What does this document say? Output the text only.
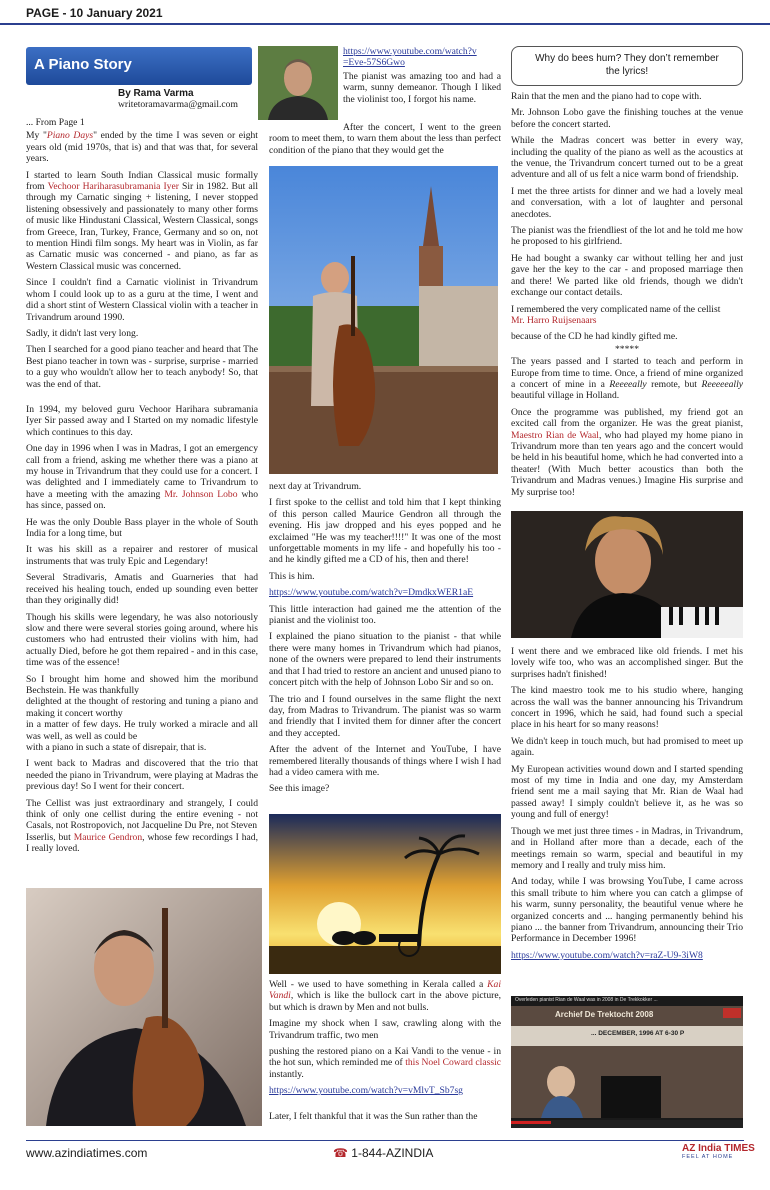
PAGE - 10 January 2021
A Piano Story
By Rama Varma
writetoramavarma@gmail.com
Why do bees hum? They don’t remember
the lyrics!

... From Page 1

My "Piano Days" ended by the time I was seven or eight years old (mid 1970s, that is) and that was that, for several years.

I started to learn South Indian Classical music formally from Vechoor Hariharasubramania Iyer Sir in 1982. But all through my Carnatic singing + listening, I never stopped listening obsessively and passionately to many other forms of music like Hindustani Classical, Western Classical, songs from Greece, Iran, Turkey, France, Germany and so on, not to mention Hindi film songs. My heart was in Violin, as far as Carnatic music was concerned - and piano, as far as Western Classical music was concerned.

Since I couldn't find a Carnatic violinist in Trivandrum whom I could look up to as a guru at the time, I went and did a short stint of Western Classical violin with a teacher in Trivandrum around 1990.

Sadly, it didn't last very long.

Then I searched for a good piano teacher and heard that The Best piano teacher in town was - surprise, surprise - married to a guy who wouldn't allow her to teach anybody! So, that was the end of that.

In 1994, my beloved guru Vechoor Harihara subramania Iyer Sir passed away and I Started on my nomadic lifestyle which continues to this day.

One day in 1996 when I was in Madras, I got an emergency call from a friend, asking me whether there was a piano at my house in Trivandrum that they could use for a concert. I was delighted and I immediately came to Trivandrum to have a meeting with the amazing Mr. Johnson Lobo who has since, passed on.

He was the only Double Bass player in the whole of South India for a long time, but

It was his skill as a repairer and restorer of musical instruments that was truly Epic and Legendary!

Several Stradivaris, Amatis and Guarneries that had received his healing touch, ended up sounding even better than they originally did!

Though his skills were legendary, he was also notoriously slow and there were several stories going around, where his customers who had entrusted their violins with him, had actually Died, before he got them repaired - and in this case, time was of the essence!

So I brought him home and showed him the moribund Bechstein. He was thankfully

delighted at the thought of restoring and tuning a piano and making it concert worthy

in a matter of few days. He truly worked a miracle and all was well, as well as could be

with a piano in such a state of disrepair, that is.

I went back to Madras and discovered that the trio that needed the piano in Trivandrum, were playing at Madras the previous day! So I went for their concert.

The Cellist was just extraordinary and strangely, I could think of only one cellist during the entire evening - not Casals, not Rostropovich, not Jacqueline Du Pre, not Steven

Isserlis, but Maurice Gendron, whose few recordings I had, I really loved.

https://www.youtube.com/watch?v
=Eve-57S6Gwo

The pianist was amazing too and had a warm, sunny demeanor. Though I liked the violinist too, I forgot his name.

After the concert, I went to the green room to meet them, to warn them about the less than perfect condition of the piano that they would get the

next day at Trivandrum.

I first spoke to the cellist and told him that I kept thinking of this person called Maurice Gendron all through the evening. His jaw dropped and his eyes popped and he exclaimed "He was my teacher!!!!" It was one of the most unforgettable moments in my life - and hopefully his too - and he kindly gifted me a CD of his, then and there!

This is him.

https://www.youtube.com/watch?v=DmdkxWER1aE

This little interaction had gained me the attention of the pianist and the violinist too.

I explained the piano situation to the pianist - that while there were many homes in Trivandrum which had pianos, none of the owners were prepared to lend their instruments and that I had tried to restore an ancient and unused piano to concert pitch with the help of Johnson Lobo Sir and so on.

The trio and I found ourselves in the same flight the next day, from Madras to Trivandrum. The pianist was so warm and friendly that I invited them for dinner after the concert and they accepted.

After the advent of the Internet and YouTube, I have remembered literally thousands of things where I wish I had had a video camera with me.

See this image?

Well - we used to have something in Kerala called a Kai Vandi, which is like the bullock cart in the above picture, but which is drawn by Men and not bulls.

Imagine my shock when I saw, crawling along with the Trivandrum traffic, two men

pushing the restored piano on a Kai Vandi to the venue - in the hot sun, which reminded me of this Noel Coward classic instantly.

https://www.youtube.com/watch?v=vMlvT_Sb7sg

Later, I felt thankful that it was the Sun rather than the

Rain that the men and the piano had to cope with.

Mr. Johnson Lobo gave the finishing touches at the venue before the concert started.

While the Madras concert was better in every way, including the quality of the piano as well as the acoustics at the venue, the Trivandrum concert turned out to be a great adventure and all of us felt a nice warm bond of friendship.

I met the three artists for dinner and we had a lovely meal and conversation, with a lot of laughter and personal anecdotes.

The pianist was the friendliest of the lot and he told me how he proposed to his girlfriend.

He had bought a swanky car without telling her and just gave her the key to the car - and proposed marriage then and there! We parted like old friends, though we didn't exchange our contact details.

I remembered the very complicated name of the cellist
Mr. Harro Ruijsenaars

because of the CD he had kindly gifted me.

*****

The years passed and I started to teach and perform in Europe from time to time. Once, a friend of mine organized a concert of mine in a Reeeeally remote, but Reeeeeally beautiful village in Holland.

Once the programme was published, my friend got an excited call from the organizer. He was the great pianist, Maestro Rian de Waal, who had played my home piano in Trivandrum more than ten years ago and the concert would be held in his beautiful home, which he had converted into a theater! (With Much better acoustics than both the Trivandrum and Madras venues.) Imagine His surprise and My surprise too!

I went there and we embraced like old friends. I met his lovely wife too, who was an accomplished singer. But the surprises hadn't finished!

The kind maestro took me to his studio where, hanging across the wall was the banner announcing his Trivandrum concert in 1996, which he said, had found such a special place in his heart for so many reasons!

We didn't keep in touch much, but had promised to meet up again.

My European activities wound down and I started spending most of my time in India and one day, my Amsterdam friend sent me a mail saying that Mr. Rian de Waal had passed away! I simply couldn't believe it, as he was so young and full of energy!

Though we met just three times - in Madras, in Trivandrum, and in Holland after more than a decade, each of the meetings remain so warm, special and beautiful in my memory and I really and truly miss him.

And today, while I was browsing YouTube, I came across this small tribute to him where you can catch a glimpse of his warm, sunny personality, the beautiful venue where he organized concerts and ... hanging permanently behind his piano ... the banner from Trivandrum, announcing their Trio Performance in December 1996!

https://www.youtube.com/watch?v=raZ-U9-3iW8

Overleden pianist Rian de Waal was in 2008 in De Trekkokker ...
Archief De Trektocht 2008
... DECEMBER, 1996 AT 6-30 P
www.azindiatimes.com	☎ 1-844-AZINDIA	AZ India TIMES
FEEL AT HOME
